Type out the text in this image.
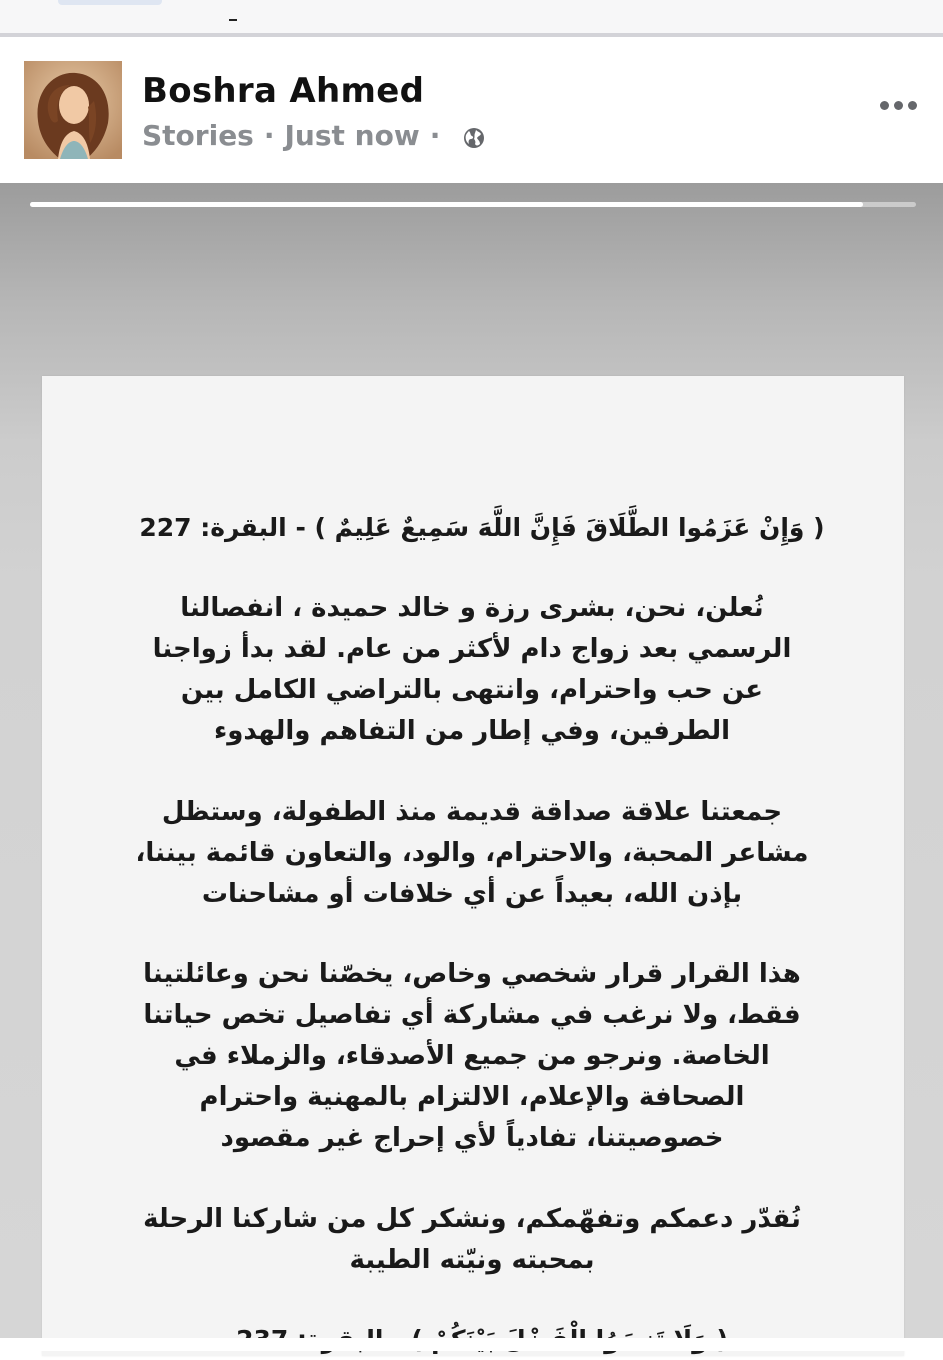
Boshra Ahmed
Stories · Just now ·
( وَإِنْ عَزَمُوا الطَّلَاقَ فَإِنَّ اللَّهَ سَمِيعٌ عَلِيمٌ ) - البقرة: 227
نُعلن، نحن، بشرى رزة و خالد حميدة ، انفصالنا الرسمي بعد زواج دام لأكثر من عام. لقد بدأ زواجنا عن حب واحترام، وانتهى بالتراضي الكامل بين الطرفين، وفي إطار من التفاهم والهدوء
جمعتنا علاقة صداقة قديمة منذ الطفولة، وستظل مشاعر المحبة، والاحترام، والود، والتعاون قائمة بيننا، بإذن الله، بعيداً عن أي خلافات أو مشاحنات
هذا القرار قرار شخصي وخاص، يخصّنا نحن وعائلتينا فقط، ولا نرغب في مشاركة أي تفاصيل تخص حياتنا الخاصة. ونرجو من جميع الأصدقاء، والزملاء في الصحافة والإعلام، الالتزام بالمهنية واحترام خصوصيتنا، تفادياً لأي إحراج غير مقصود
نُقدّر دعمكم وتفهّمكم، ونشكر كل من شاركنا الرحلة بمحبته ونيّته الطيبة
